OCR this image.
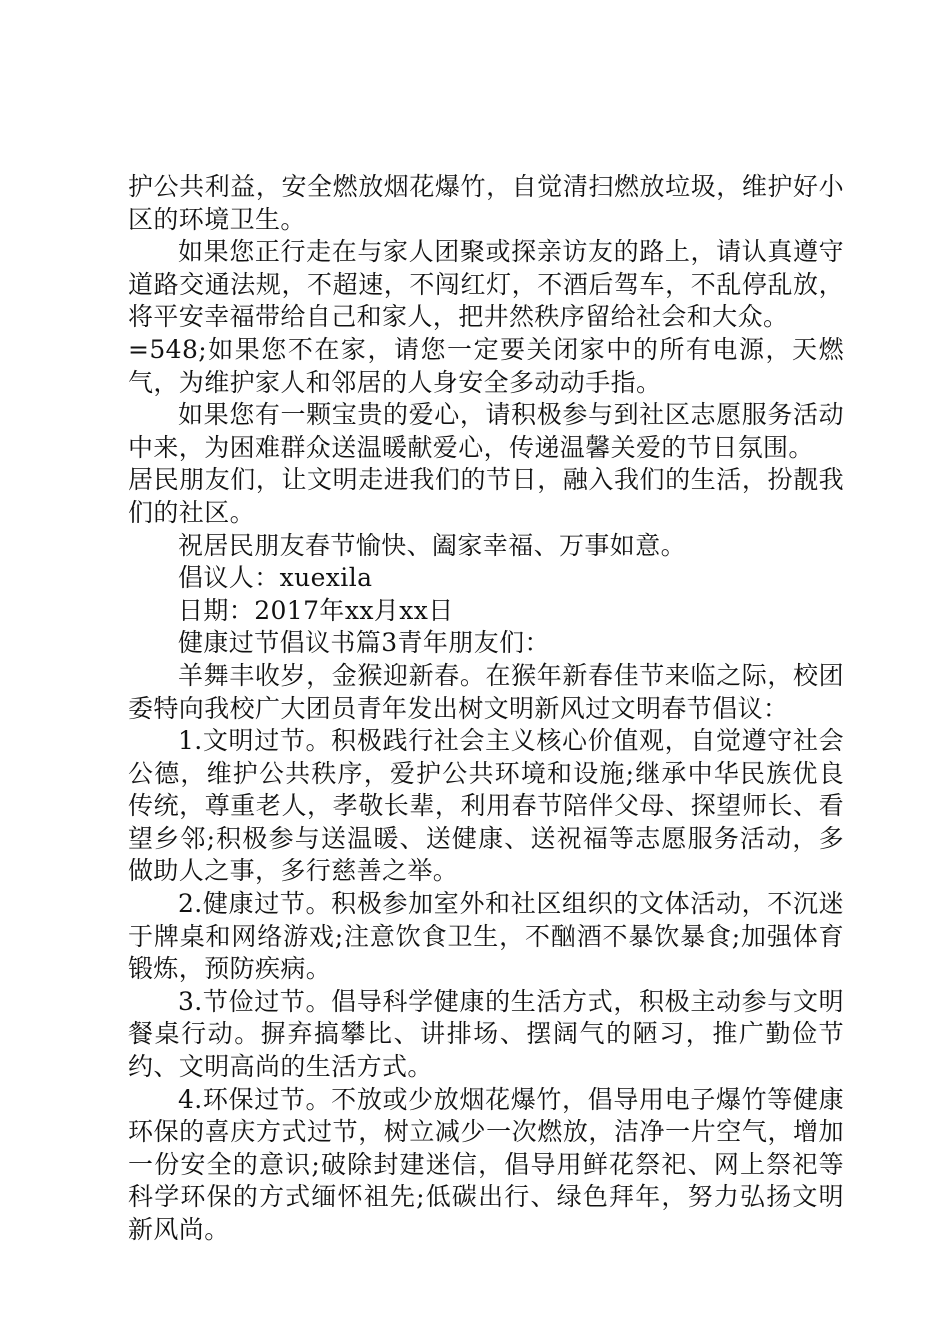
护公共利益，安全燃放烟花爆竹，自觉清扫燃放垃圾，维护好小区的环境卫生。

如果您正行走在与家人团聚或探亲访友的路上，请认真遵守道路交通法规，不超速，不闯红灯，不酒后驾车，不乱停乱放，将平安幸福带给自己和家人，把井然秩序留给社会和大众。

=548;如果您不在家，请您一定要关闭家中的所有电源，天燃气，为维护家人和邻居的人身安全多动动手指。

如果您有一颗宝贵的爱心，请积极参与到社区志愿服务活动中来，为困难群众送温暖献爱心，传递温馨关爱的节日氛围。

居民朋友们，让文明走进我们的节日，融入我们的生活，扮靓我们的社区。

祝居民朋友春节愉快、阖家幸福、万事如意。

倡议人：xuexila

日期：2017年xx月xx日

健康过节倡议书篇3青年朋友们：

羊舞丰收岁，金猴迎新春。在猴年新春佳节来临之际，校团委特向我校广大团员青年发出树文明新风过文明春节倡议：

1.文明过节。积极践行社会主义核心价值观，自觉遵守社会公德，维护公共秩序，爱护公共环境和设施;继承中华民族优良传统，尊重老人，孝敬长辈，利用春节陪伴父母、探望师长、看望乡邻;积极参与送温暖、送健康、送祝福等志愿服务活动，多做助人之事，多行慈善之举。

2.健康过节。积极参加室外和社区组织的文体活动，不沉迷于牌桌和网络游戏;注意饮食卫生，不酗酒不暴饮暴食;加强体育锻炼，预防疾病。

3.节俭过节。倡导科学健康的生活方式，积极主动参与文明餐桌行动。摒弃搞攀比、讲排场、摆阔气的陋习，推广勤俭节约、文明高尚的生活方式。

4.环保过节。不放或少放烟花爆竹，倡导用电子爆竹等健康环保的喜庆方式过节，树立减少一次燃放，洁净一片空气，增加一份安全的意识;破除封建迷信，倡导用鲜花祭祀、网上祭祀等科学环保的方式缅怀祖先;低碳出行、绿色拜年，努力弘扬文明新风尚。
